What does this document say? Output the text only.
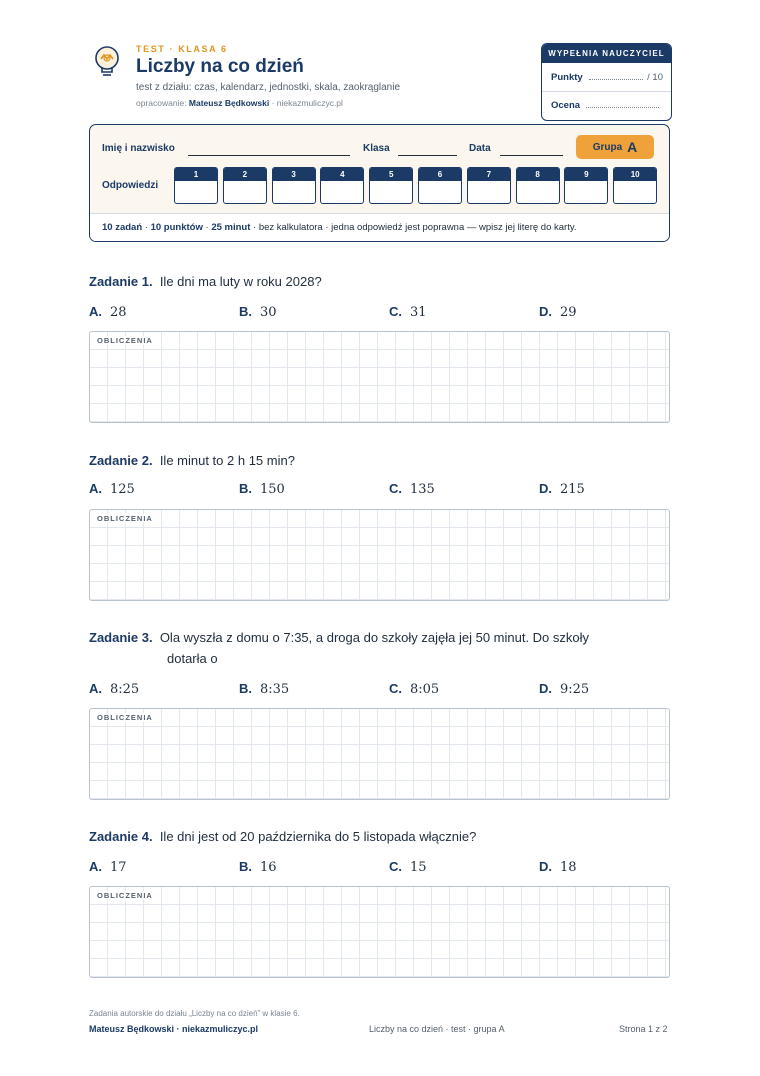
TEST · KLASA 6
Liczby na co dzień
test z działu: czas, kalendarz, jednostki, skala, zaokrąglanie
opracowanie: Mateusz Będkowski · niekazmuliczyc.pl
WYPEŁNIA NAUCZYCIEL
Punkty	/ 10
Ocena
Imię i nazwisko	Klasa	Data	Grupa A
Odpowiedzi
1	2	3	4	5	6	7	8	9	10
10 zadań · 10 punktów · 25 minut · bez kalkulatora · jedna odpowiedź jest poprawna — wpisz jej literę do karty.
Zadanie 1. Ile dni ma luty w roku 2028?
A. 28	B. 30	C. 31	D. 29
OBLICZENIA
Zadanie 2. Ile minut to 2 h 15 min?
A. 125	B. 150	C. 135	D. 215
OBLICZENIA
Zadanie 3. Ola wyszła z domu o 7:35, a droga do szkoły zajęła jej 50 minut. Do szkoły
dotarła o
A. 8:25	B. 8:35	C. 8:05	D. 9:25
OBLICZENIA
Zadanie 4. Ile dni jest od 20 października do 5 listopada włącznie?
A. 17	B. 16	C. 15	D. 18
OBLICZENIA
Zadania autorskie do działu „Liczby na co dzień” w klasie 6.
Mateusz Będkowski · niekazmuliczyc.pl	Liczby na co dzień · test · grupa A	Strona 1 z 2
